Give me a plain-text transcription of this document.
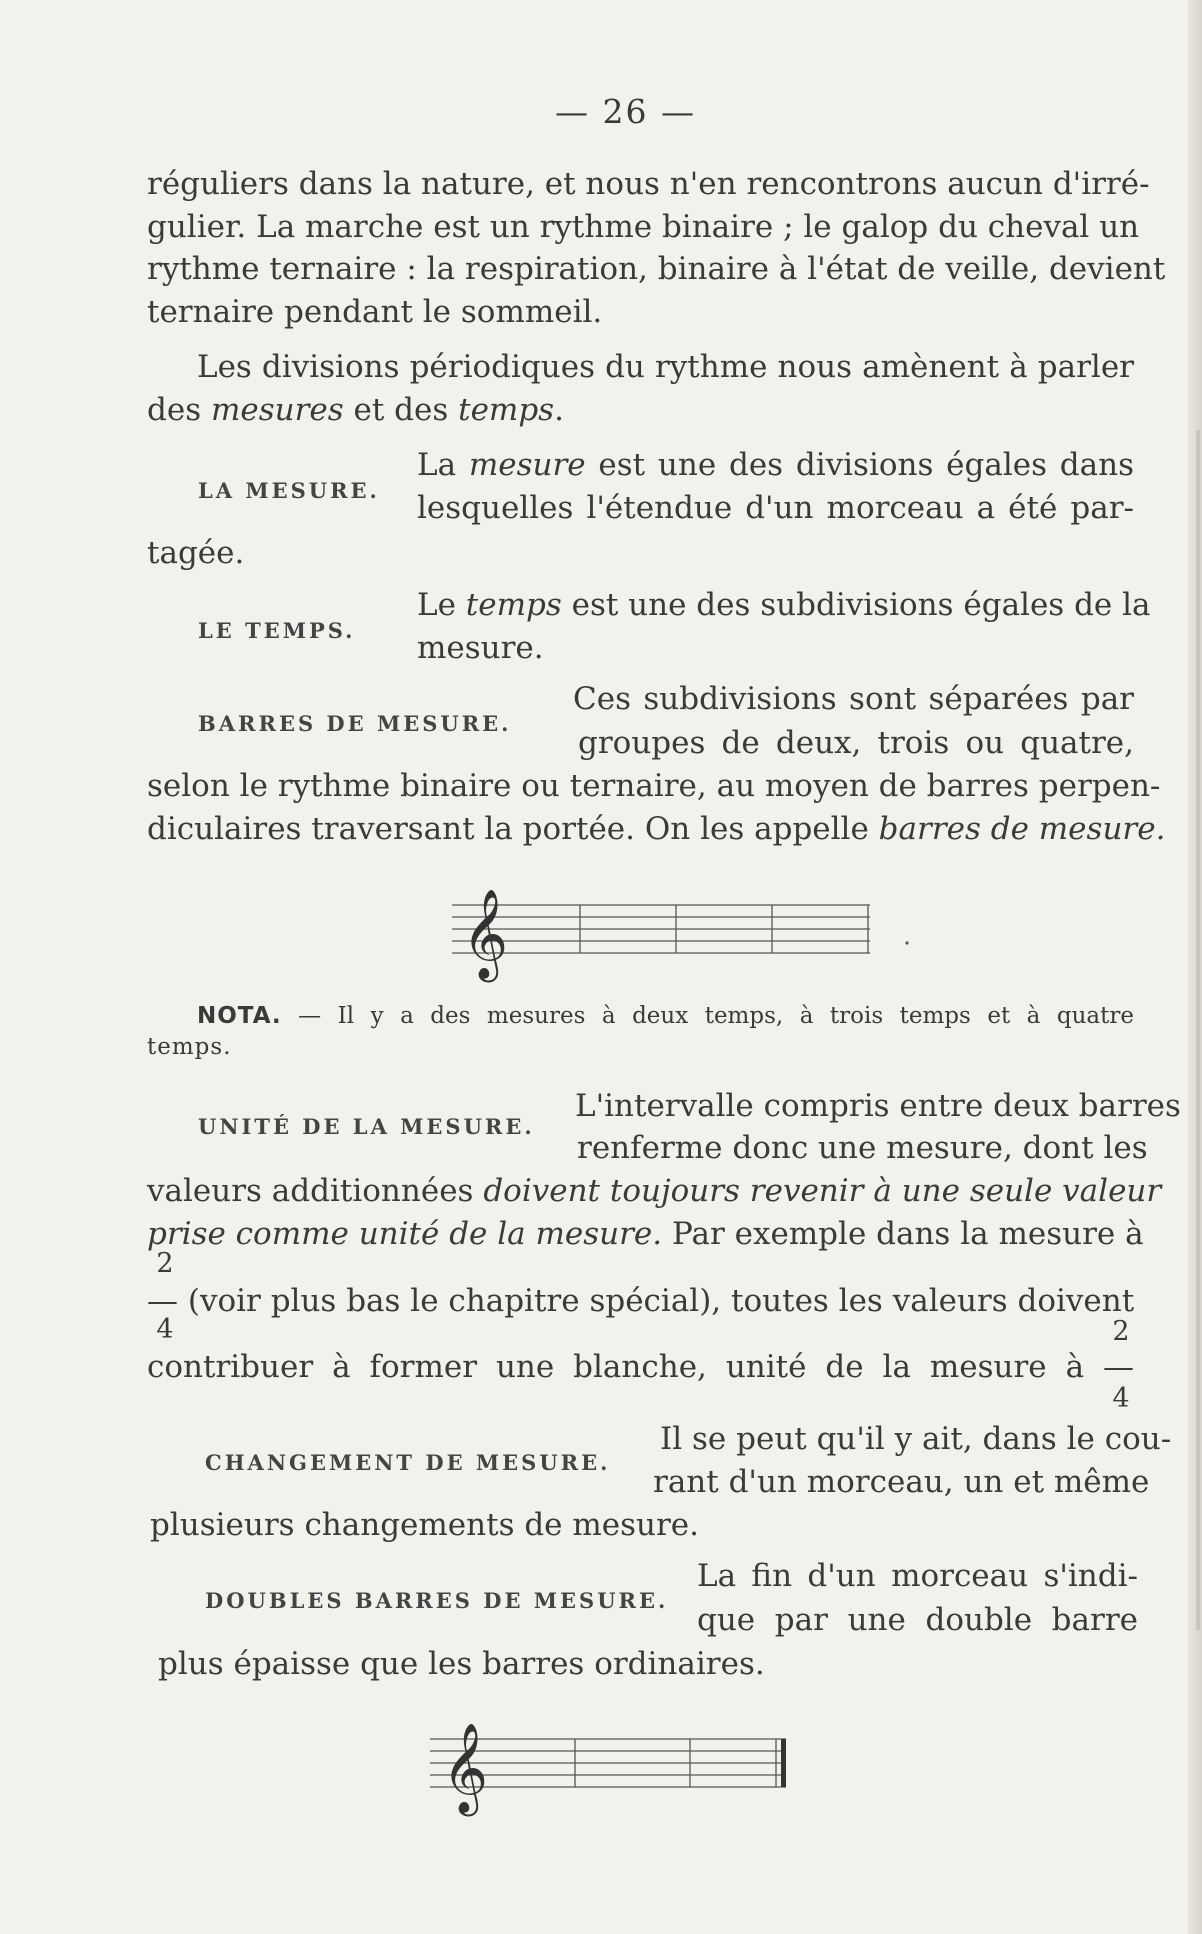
— 26 —
réguliers dans la nature, et nous n'en rencontrons aucun d'irré-
gulier. La marche est un rythme binaire ; le galop du cheval un
rythme ternaire : la respiration, binaire à l'état de veille, devient
ternaire pendant le sommeil.
Les divisions périodiques du rythme nous amènent à parler
des mesures et des temps.
LA MESURE.
La mesure est une des divisions égales dans
lesquelles l'étendue d'un morceau a été par-
tagée.
LE TEMPS.
Le temps est une des subdivisions égales de la
mesure.
BARRES DE MESURE.
Ces subdivisions sont séparées par
groupes de deux, trois ou quatre,
selon le rythme binaire ou ternaire, au moyen de barres perpen-
diculaires traversant la portée. On les appelle barres de mesure.
𝄞
NOTA. — Il y a des mesures à deux temps, à trois temps et à quatre
temps.
UNITÉ DE LA MESURE.
L'intervalle compris entre deux barres
renferme donc une mesure, dont les
valeurs additionnées doivent toujours revenir à une seule valeur
prise comme unité de la mesure. Par exemple dans la mesure à
2
— (voir plus bas le chapitre spécial), toutes les valeurs doivent
4	2
contribuer à former une blanche, unité de la mesure à —
4
CHANGEMENT DE MESURE.
Il se peut qu'il y ait, dans le cou-
rant d'un morceau, un et même
plusieurs changements de mesure.
DOUBLES BARRES DE MESURE.
La fin d'un morceau s'indi-
que par une double barre
plus épaisse que les barres ordinaires.
𝄞
